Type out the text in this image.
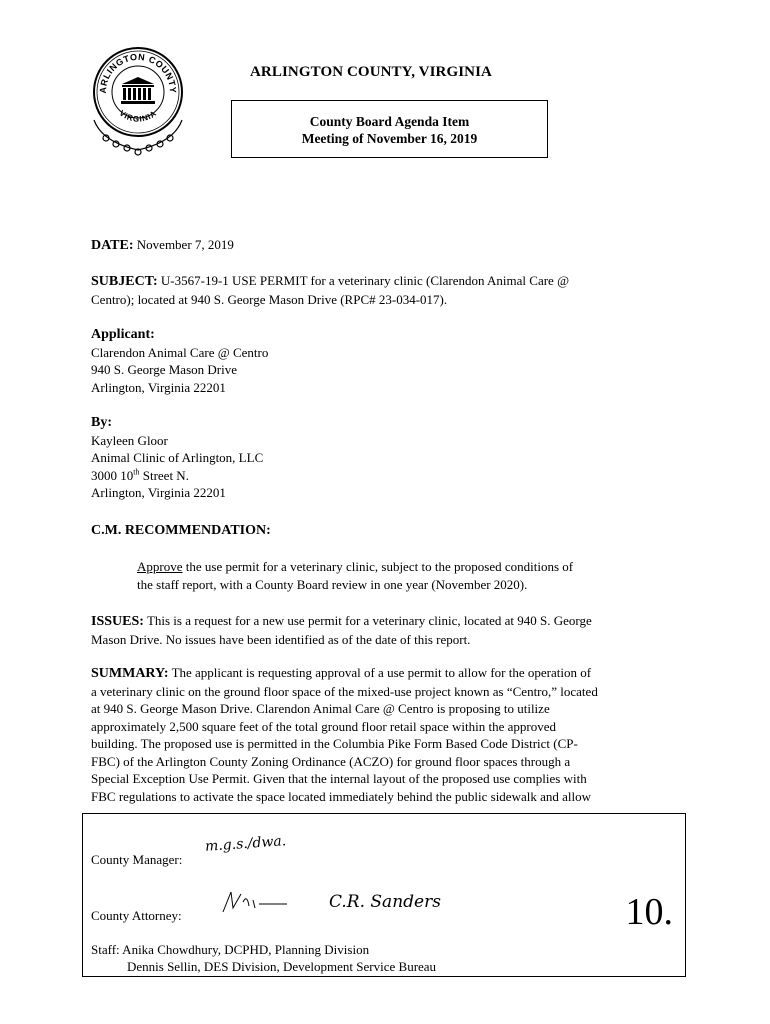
ARLINGTON COUNTY
VIRGINIA
ARLINGTON COUNTY, VIRGINIA
County Board Agenda Item
Meeting of November 16, 2019
DATE: November 7, 2019
SUBJECT: U-3567-19-1 USE PERMIT for a veterinary clinic (Clarendon Animal Care @
Centro); located at 940 S. George Mason Drive (RPC# 23-034-017).
Applicant:
Clarendon Animal Care @ Centro
940 S. George Mason Drive
Arlington, Virginia 22201
By:
Kayleen Gloor
Animal Clinic of Arlington, LLC
3000 10th Street N.
Arlington, Virginia 22201
C.M. RECOMMENDATION:
Approve the use permit for a veterinary clinic, subject to the proposed conditions of
the staff report, with a County Board review in one year (November 2020).
ISSUES: This is a request for a new use permit for a veterinary clinic, located at 940 S. George
Mason Drive. No issues have been identified as of the date of this report.
SUMMARY: The applicant is requesting approval of a use permit to allow for the operation of
a veterinary clinic on the ground floor space of the mixed-use project known as “Centro,” located
at 940 S. George Mason Drive. Clarendon Animal Care @ Centro is proposing to utilize
approximately 2,500 square feet of the total ground floor retail space within the approved
building. The proposed use is permitted in the Columbia Pike Form Based Code District (CP-
FBC) of the Arlington County Zoning Ordinance (ACZO) for ground floor spaces through a
Special Exception Use Permit. Given that the internal layout of the proposed use complies with
FBC regulations to activate the space located immediately behind the public sidewalk and allow
County Manager:
m.g.s./dwa.
County Attorney:
C.R. Sanders	10.
Staff: Anika Chowdhury, DCPHD, Planning Division
Dennis Sellin, DES Division, Development Service Bureau
